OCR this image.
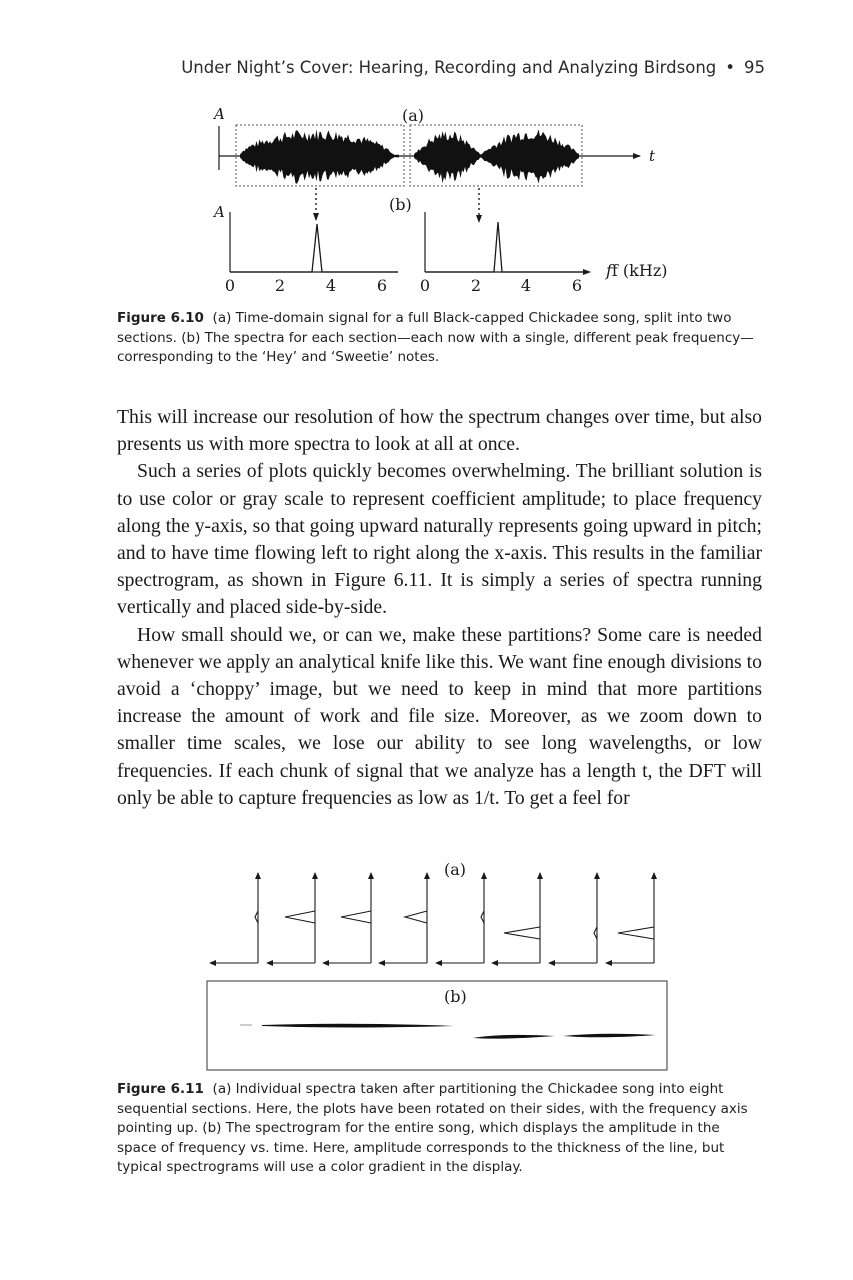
Under Night’s Cover: Hearing, Recording and Analyzing Birdsong • 95
(a)
A
t
(b)
A
ff (kHz)
0 2	4	6 0	2 4	6
Figure 6.10 (a) Time-domain signal for a full Black-capped Chickadee song, split into two sections. (b) The spectra for each section—each now with a single, different peak frequency—corresponding to the ‘Hey’ and ‘Sweetie’ notes.

This will increase our resolution of how the spectrum changes over time, but also presents us with more spectra to look at all at once.

Such a series of plots quickly becomes overwhelming. The brilliant solution is to use color or gray scale to represent coefficient amplitude; to place frequency along the y-axis, so that going upward naturally represents going upward in pitch; and to have time flowing left to right along the x-axis. This results in the familiar spectrogram, as shown in Figure 6.11. It is simply a series of spectra running vertically and placed side-by-side.

How small should we, or can we, make these partitions? Some care is needed whenever we apply an analytical knife like this. We want fine enough divisions to avoid a ‘choppy’ image, but we need to keep in mind that more partitions increase the amount of work and file size. Moreover, as we zoom down to smaller time scales, we lose our ability to see long wavelengths, or low frequencies. If each chunk of signal that we analyze has a length t, the DFT will only be able to capture frequencies as low as 1/t. To get a feel for

(a)
(b)
Figure 6.11 (a) Individual spectra taken after partitioning the Chickadee song into eight sequential sections. Here, the plots have been rotated on their sides, with the frequency axis pointing up. (b) The spectrogram for the entire song, which displays the amplitude in the space of frequency vs. time. Here, amplitude corresponds to the thickness of the line, but typical spectrograms will use a color gradient in the display.
